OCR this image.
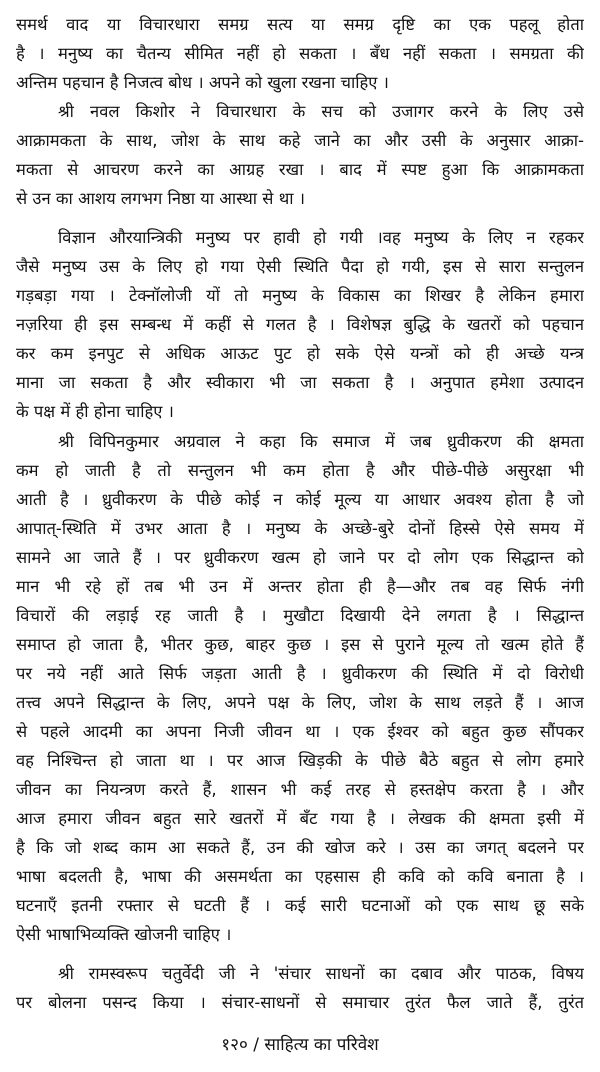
समर्थ वाद या विचारधारा समग्र सत्य या समग्र दृष्टि का एक पहलू होता
है । मनुष्य का चैतन्य सीमित नहीं हो सकता । बँध नहीं सकता । समग्रता की
अन्तिम पहचान है निजत्व बोध । अपने को खुला रखना चाहिए ।
श्री नवल किशोर ने विचारधारा के सच को उजागर करने के लिए उसे
आक्रामकता के साथ, जोश के साथ कहे जाने का और उसी के अनुसार आक्रा-
मकता से आचरण करने का आग्रह रखा । बाद में स्पष्ट हुआ कि आक्रामकता
से उन का आशय लगभग निष्ठा या आस्था से था ।
विज्ञान औरयान्त्रिकी मनुष्य पर हावी हो गयी ।वह मनुष्य के लिए न रहकर
जैसे मनुष्य उस के लिए हो गया ऐसी स्थिति पैदा हो गयी, इस से सारा सन्तुलन
गड़बड़ा गया । टेक्नॉलोजी यों तो मनुष्य के विकास का शिखर है लेकिन हमारा
नज़रिया ही इस सम्बन्ध में कहीं से गलत है । विशेषज्ञ बुद्धि के खतरों को पहचान
कर कम इनपुट से अधिक आऊट पुट हो सके ऐसे यन्त्रों को ही अच्छे यन्त्र
माना जा सकता है और स्वीकारा भी जा सकता है । अनुपात हमेशा उत्पादन
के पक्ष में ही होना चाहिए ।
श्री विपिनकुमार अग्रवाल ने कहा कि समाज में जब ध्रुवीकरण की क्षमता
कम हो जाती है तो सन्तुलन भी कम होता है और पीछे-पीछे असुरक्षा भी
आती है । ध्रुवीकरण के पीछे कोई न कोई मूल्य या आधार अवश्य होता है जो
आपात्-स्थिति में उभर आता है । मनुष्य के अच्छे-बुरे दोनों हिस्से ऐसे समय में
सामने आ जाते हैं । पर ध्रुवीकरण खत्म हो जाने पर दो लोग एक सिद्धान्त को
मान भी रहे हों तब भी उन में अन्तर होता ही है—और तब वह सिर्फ नंगी
विचारों की लड़ाई रह जाती है । मुखौटा दिखायी देने लगता है । सिद्धान्त
समाप्त हो जाता है, भीतर कुछ, बाहर कुछ । इस से पुराने मूल्य तो खत्म होते हैं
पर नये नहीं आते सिर्फ जड़ता आती है । ध्रुवीकरण की स्थिति में दो विरोधी
तत्त्व अपने सिद्धान्त के लिए, अपने पक्ष के लिए, जोश के साथ लड़ते हैं । आज
से पहले आदमी का अपना निजी जीवन था । एक ईश्वर को बहुत कुछ सौंपकर
वह निश्चिन्त हो जाता था । पर आज खिड़की के पीछे बैठे बहुत से लोग हमारे
जीवन का नियन्त्रण करते हैं, शासन भी कई तरह से हस्तक्षेप करता है । और
आज हमारा जीवन बहुत सारे खतरों में बँट गया है । लेखक की क्षमता इसी में
है कि जो शब्द काम आ सकते हैं, उन की खोज करे । उस का जगत् बदलने पर
भाषा बदलती है, भाषा की असमर्थता का एहसास ही कवि को कवि बनाता है ।
घटनाएँ इतनी रफ्तार से घटती हैं । कई सारी घटनाओं को एक साथ छू सके
ऐसी भाषाभिव्यक्ति खोजनी चाहिए ।
श्री रामस्वरूप चतुर्वेदी जी ने 'संचार साधनों का दबाव और पाठक, विषय
पर बोलना पसन्द किया । संचार-साधनों से समाचार तुरंत फैल जाते हैं, तुरंत
१२० / साहित्य का परिवेश
